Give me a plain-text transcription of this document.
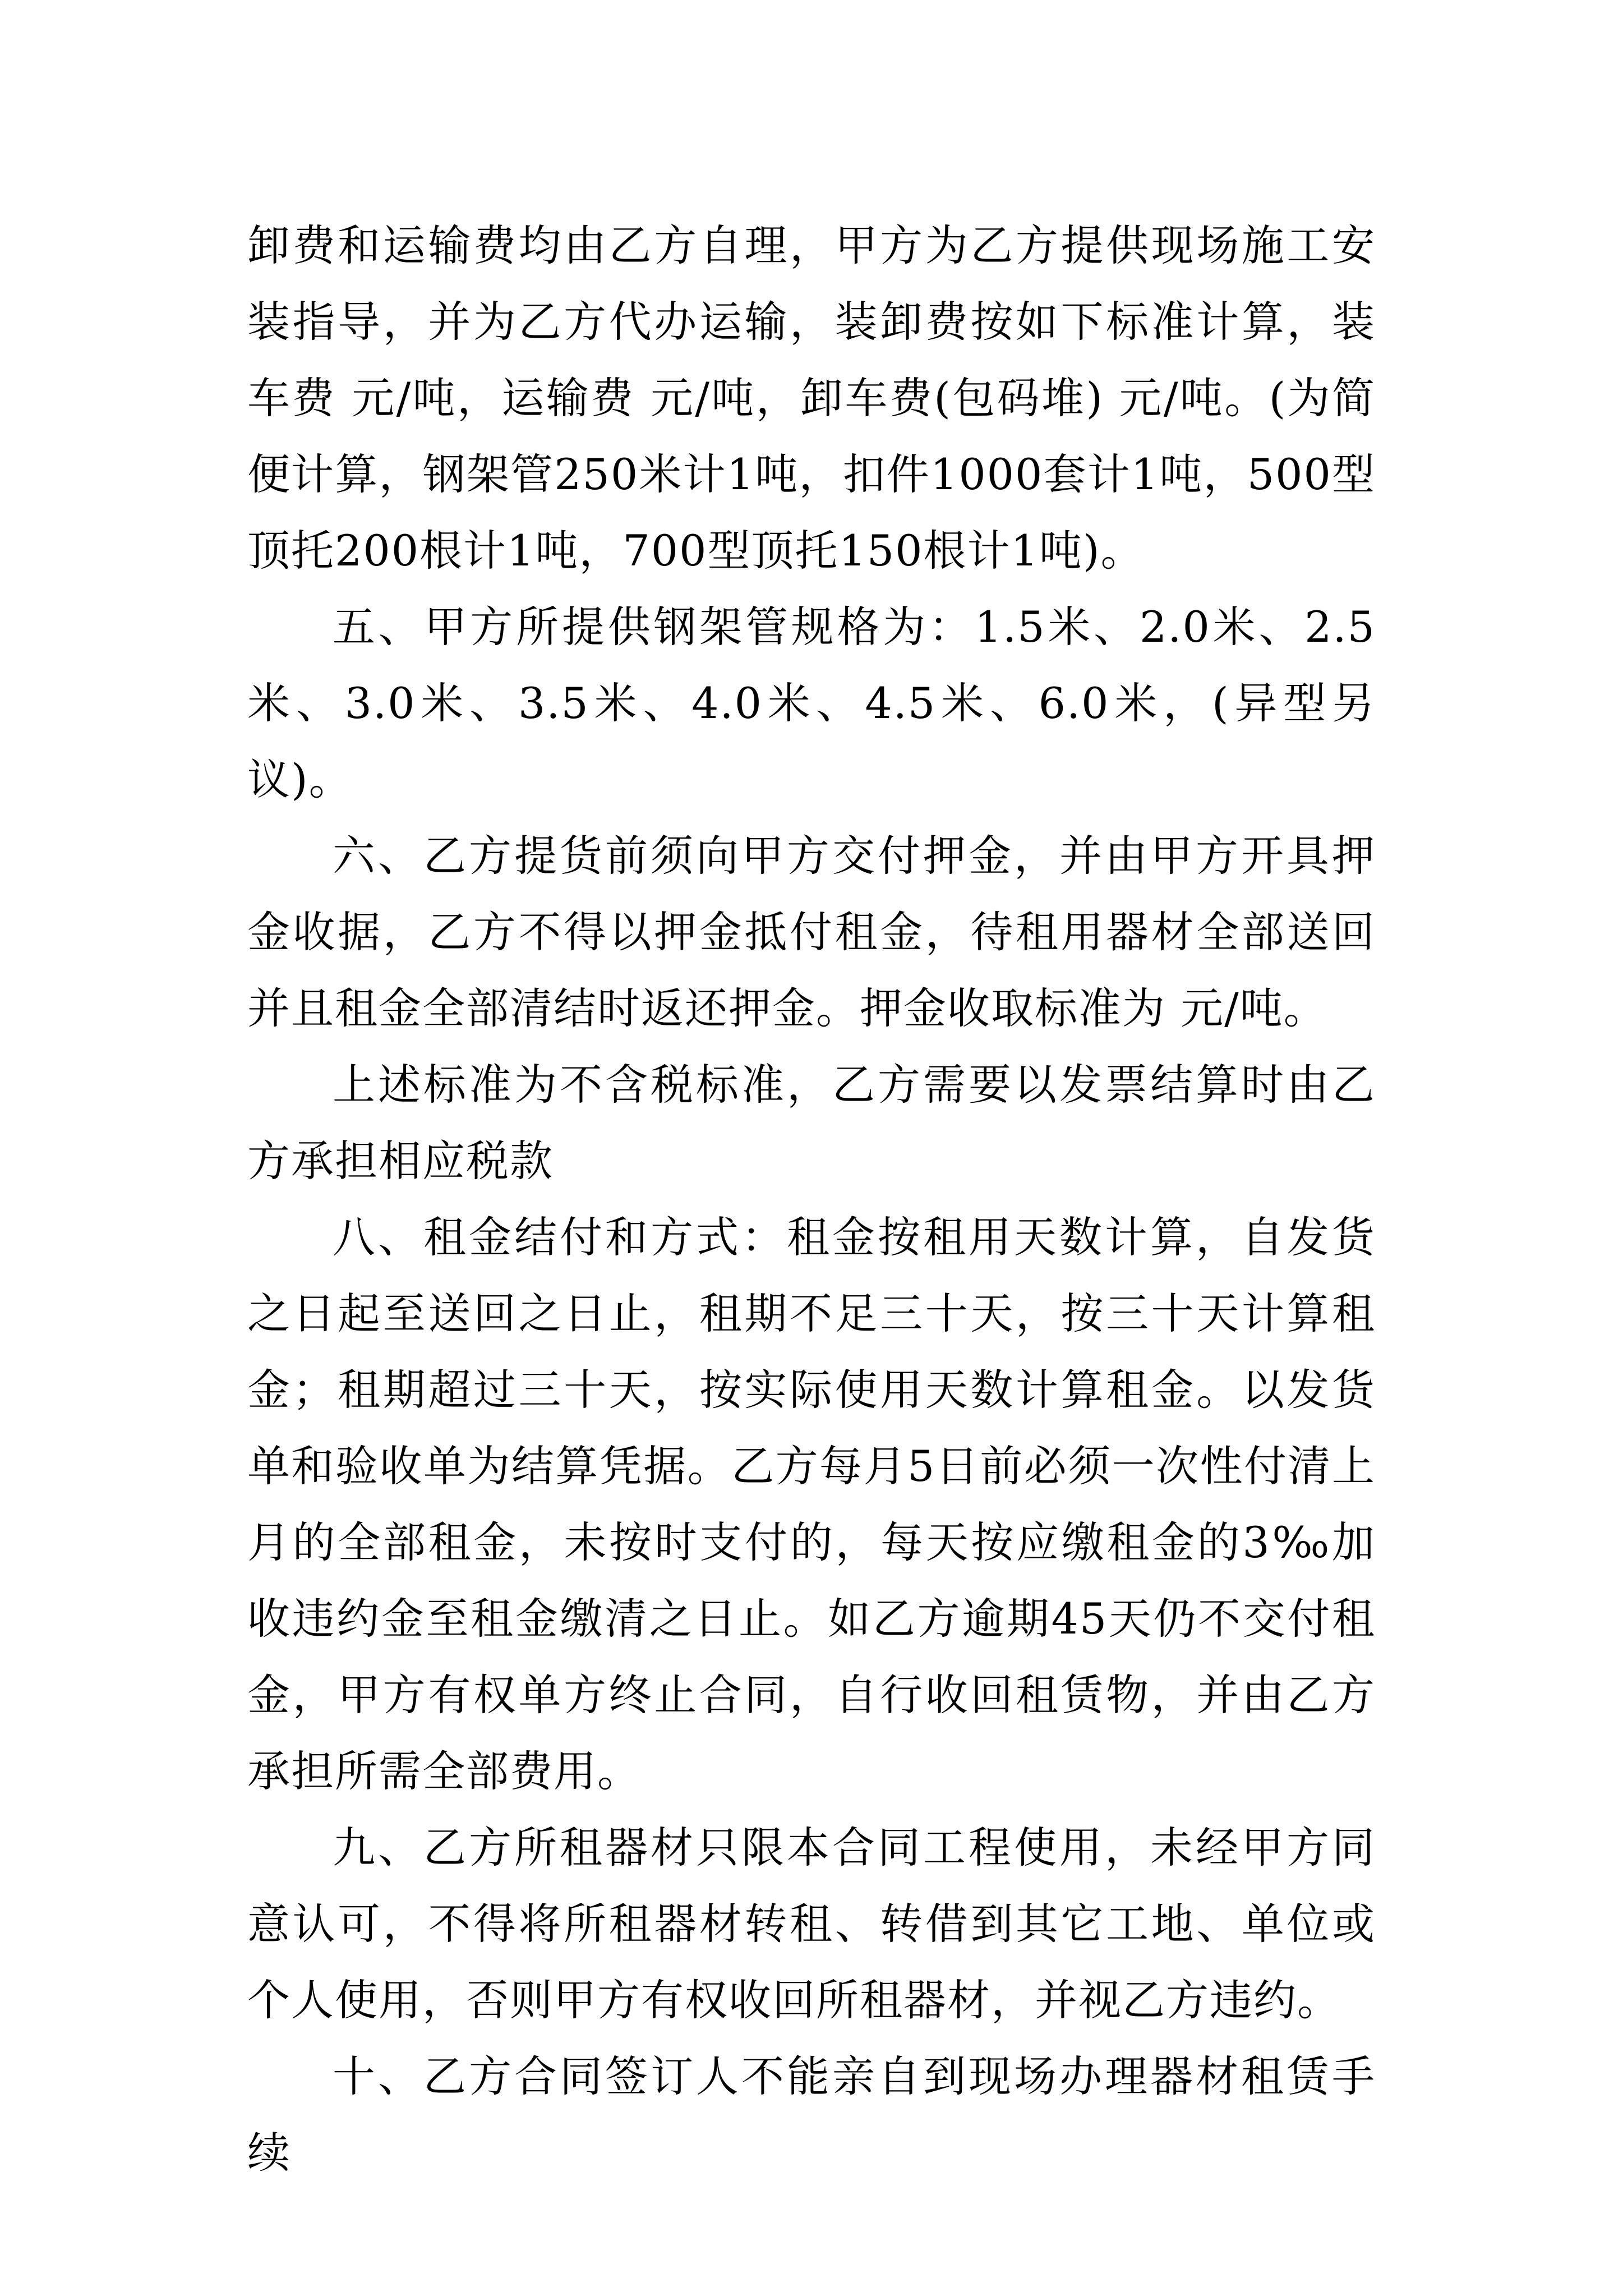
卸费和运输费均由乙方自理，甲方为乙方提供现场施工安装指导，并为乙方代办运输，装卸费按如下标准计算，装车费 元/吨，运输费 元/吨，卸车费(包码堆) 元/吨。(为简便计算，钢架管250米计1吨，扣件1000套计1吨，500型顶托200根计1吨，700型顶托150根计1吨)。

五、甲方所提供钢架管规格为：1.5米、2.0米、2.5米、3.0米、3.5米、4.0米、4.5米、6.0米，(异型另议)。

六、乙方提货前须向甲方交付押金，并由甲方开具押金收据，乙方不得以押金抵付租金，待租用器材全部送回并且租金全部清结时返还押金。押金收取标准为 元/吨。

上述标准为不含税标准，乙方需要以发票结算时由乙方承担相应税款

八、租金结付和方式：租金按租用天数计算，自发货之日起至送回之日止，租期不足三十天，按三十天计算租金；租期超过三十天，按实际使用天数计算租金。以发货单和验收单为结算凭据。乙方每月5日前必须一次性付清上月的全部租金，未按时支付的，每天按应缴租金的3‰加收违约金至租金缴清之日止。如乙方逾期45天仍不交付租金，甲方有权单方终止合同，自行收回租赁物，并由乙方承担所需全部费用。

九、乙方所租器材只限本合同工程使用，未经甲方同意认可，不得将所租器材转租、转借到其它工地、单位或个人使用，否则甲方有权收回所租器材，并视乙方违约。

十、乙方合同签订人不能亲自到现场办理器材租赁手续
